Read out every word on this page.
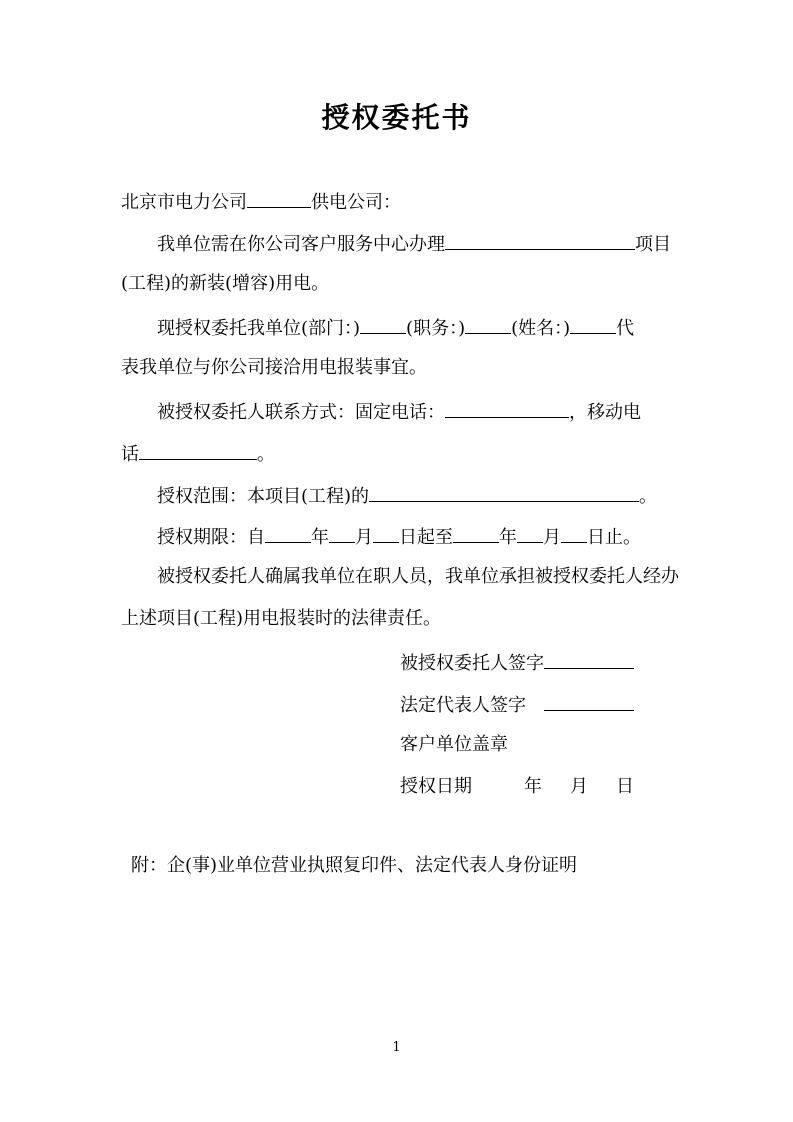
授权委托书
北京市电力公司	供电公司：
我单位需在你公司客户服务中心办理	项目
(工程)的新装(增容)用电。
现授权委托我单位(部门：)	(职务：)	(姓名：)	代
表我单位与你公司接洽用电报装事宜。
被授权委托人联系方式：固定电话：	，移动电
话	。
授权范围：本项目(工程)的	。
授权期限：自	年 月 日起至	年 月 日止。
被授权委托人确属我单位在职人员，我单位承担被授权委托人经办
上述项目(工程)用电报装时的法律责任。
被授权委托人签字
法定代表人签字
客户单位盖章
授权日期	年 月 日
附：企(事)业单位营业执照复印件、法定代表人身份证明
1
